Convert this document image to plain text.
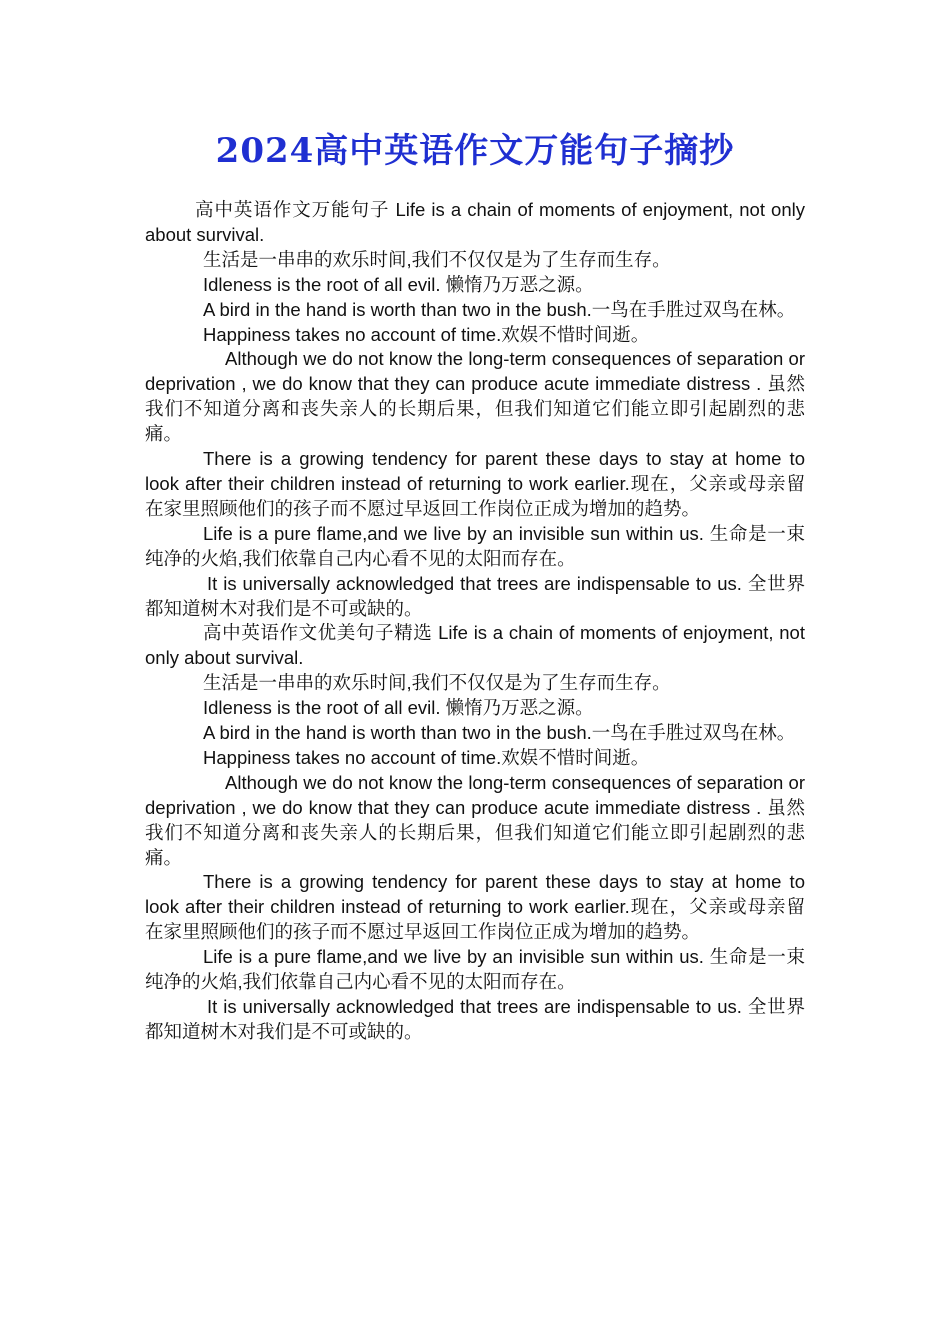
2024高中英语作文万能句子摘抄

高中英语作文万能句子 Life is a chain of moments of enjoyment, not only about survival.

生活是一串串的欢乐时间,我们不仅仅是为了生存而生存。

Idleness is the root of all evil. 懒惰乃万恶之源。

A bird in the hand is worth than two in the bush.一鸟在手胜过双鸟在林。

Happiness takes no account of time.欢娱不惜时间逝。

Although we do not know the long-term consequences of separation or deprivation , we do know that they can produce acute immediate distress . 虽然我们不知道分离和丧失亲人的长期后果，但我们知道它们能立即引起剧烈的悲痛。

There is a growing tendency for parent these days to stay at home to look after their children instead of returning to work earlier.现在，父亲或母亲留在家里照顾他们的孩子而不愿过早返回工作岗位正成为增加的趋势。

Life is a pure flame,and we live by an invisible sun within us. 生命是一束纯净的火焰,我们依靠自己内心看不见的太阳而存在。

It is universally acknowledged that trees are indispensable to us. 全世界都知道树木对我们是不可或缺的。

高中英语作文优美句子精选 Life is a chain of moments of enjoyment, not only about survival.

生活是一串串的欢乐时间,我们不仅仅是为了生存而生存。

Idleness is the root of all evil. 懒惰乃万恶之源。

A bird in the hand is worth than two in the bush.一鸟在手胜过双鸟在林。

Happiness takes no account of time.欢娱不惜时间逝。

Although we do not know the long-term consequences of separation or deprivation , we do know that they can produce acute immediate distress . 虽然我们不知道分离和丧失亲人的长期后果，但我们知道它们能立即引起剧烈的悲痛。

There is a growing tendency for parent these days to stay at home to look after their children instead of returning to work earlier.现在，父亲或母亲留在家里照顾他们的孩子而不愿过早返回工作岗位正成为增加的趋势。

Life is a pure flame,and we live by an invisible sun within us. 生命是一束纯净的火焰,我们依靠自己内心看不见的太阳而存在。

It is universally acknowledged that trees are indispensable to us. 全世界都知道树木对我们是不可或缺的。
